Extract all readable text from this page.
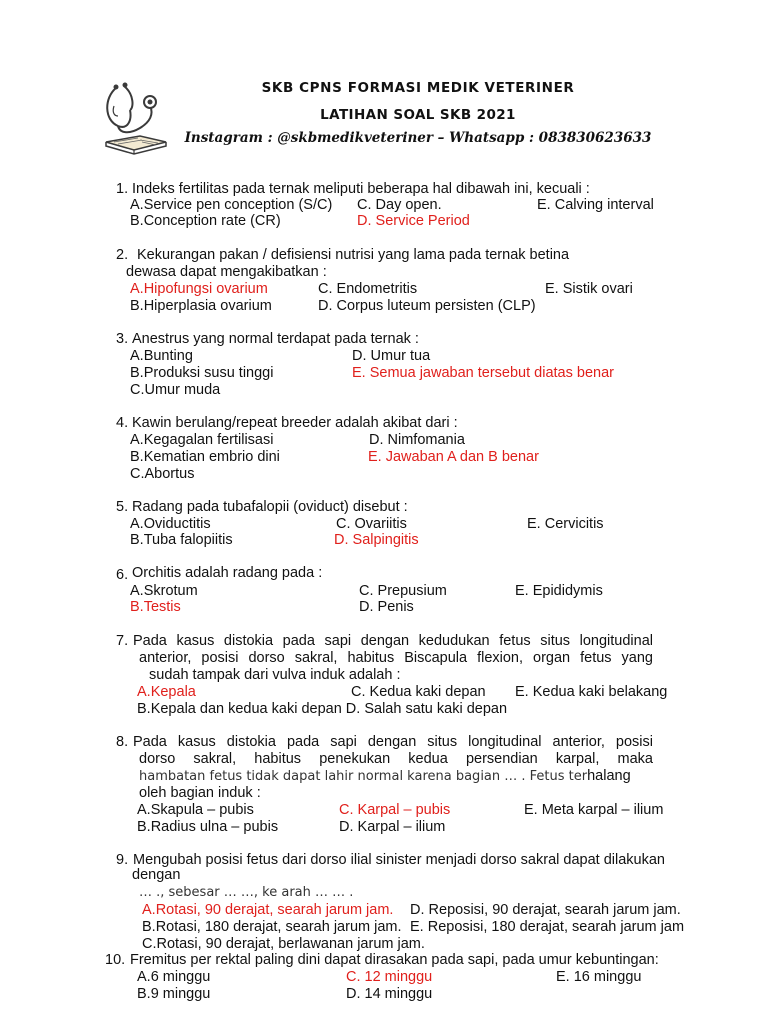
SKB CPNS FORMASI MEDIK VETERINER
LATIHAN SOAL SKB 2021
Instagram : @skbmedikveteriner – Whatsapp : 083830623633
1. Indeks fertilitas pada ternak meliputi beberapa hal dibawah ini, kecuali :
A.Service pen conception (S/C) C. Day open.	E. Calving interval
B.Conception rate (CR)	D. Service Period
2. Kekurangan pakan / defisiensi nutrisi yang lama pada ternak betina
dewasa dapat mengakibatkan :
A.Hipofungsi ovarium	C. Endometritis	E. Sistik ovari
B.Hiperplasia ovarium	D. Corpus luteum persisten (CLP)
3. Anestrus yang normal terdapat pada ternak :
A.Bunting	D. Umur tua
B.Produksi susu tinggi	E. Semua jawaban tersebut diatas benar
C.Umur muda
4. Kawin berulang/repeat breeder adalah akibat dari :
A.Kegagalan fertilisasi	D. Nimfomania
B.Kematian embrio dini	E. Jawaban A dan B benar
C.Abortus
5. Radang pada tubafalopii (oviduct) disebut :
A.Oviductitis	C. Ovariitis	E. Cervicitis
B.Tuba falopiitis	D. Salpingitis
6. Orchitis adalah radang pada :
A.Skrotum	C. Prepusium	E. Epididymis
B.Testis	D. Penis
7. Pada kasus distokia pada sapi dengan kedudukan fetus situs longitudinal
anterior, posisi dorso sakral, habitus Biscapula flexion, organ fetus yang
sudah tampak dari vulva induk adalah :
A.Kepala	C. Kedua kaki depan E. Kedua kaki belakang
B.Kepala dan kedua kaki depan D. Salah satu kaki depan
8. Pada kasus distokia pada sapi dengan situs longitudinal anterior, posisi
dorso sakral, habitus penekukan kedua persendian karpal, maka
hambatan fetus tidak dapat lahir normal karena bagian … . Fetus terhalang
oleh bagian induk :
A.Skapula – pubis	C. Karpal – pubis	E. Meta karpal – ilium
B.Radius ulna – pubis	D. Karpal – ilium
9. Mengubah posisi fetus dari dorso ilial sinister menjadi dorso sakral dapat dilakukan
dengan
… ., sebesar … …, ke arah … … .
A.Rotasi, 90 derajat, searah jarum jam. D. Reposisi, 90 derajat, searah jarum jam.
B.Rotasi, 180 derajat, searah jarum jam. E. Reposisi, 180 derajat, searah jarum jam
C.Rotasi, 90 derajat, berlawanan jarum jam.
10. Fremitus per rektal paling dini dapat dirasakan pada sapi, pada umur kebuntingan:
A.6 minggu	C. 12 minggu	E. 16 minggu
B.9 minggu	D. 14 minggu
